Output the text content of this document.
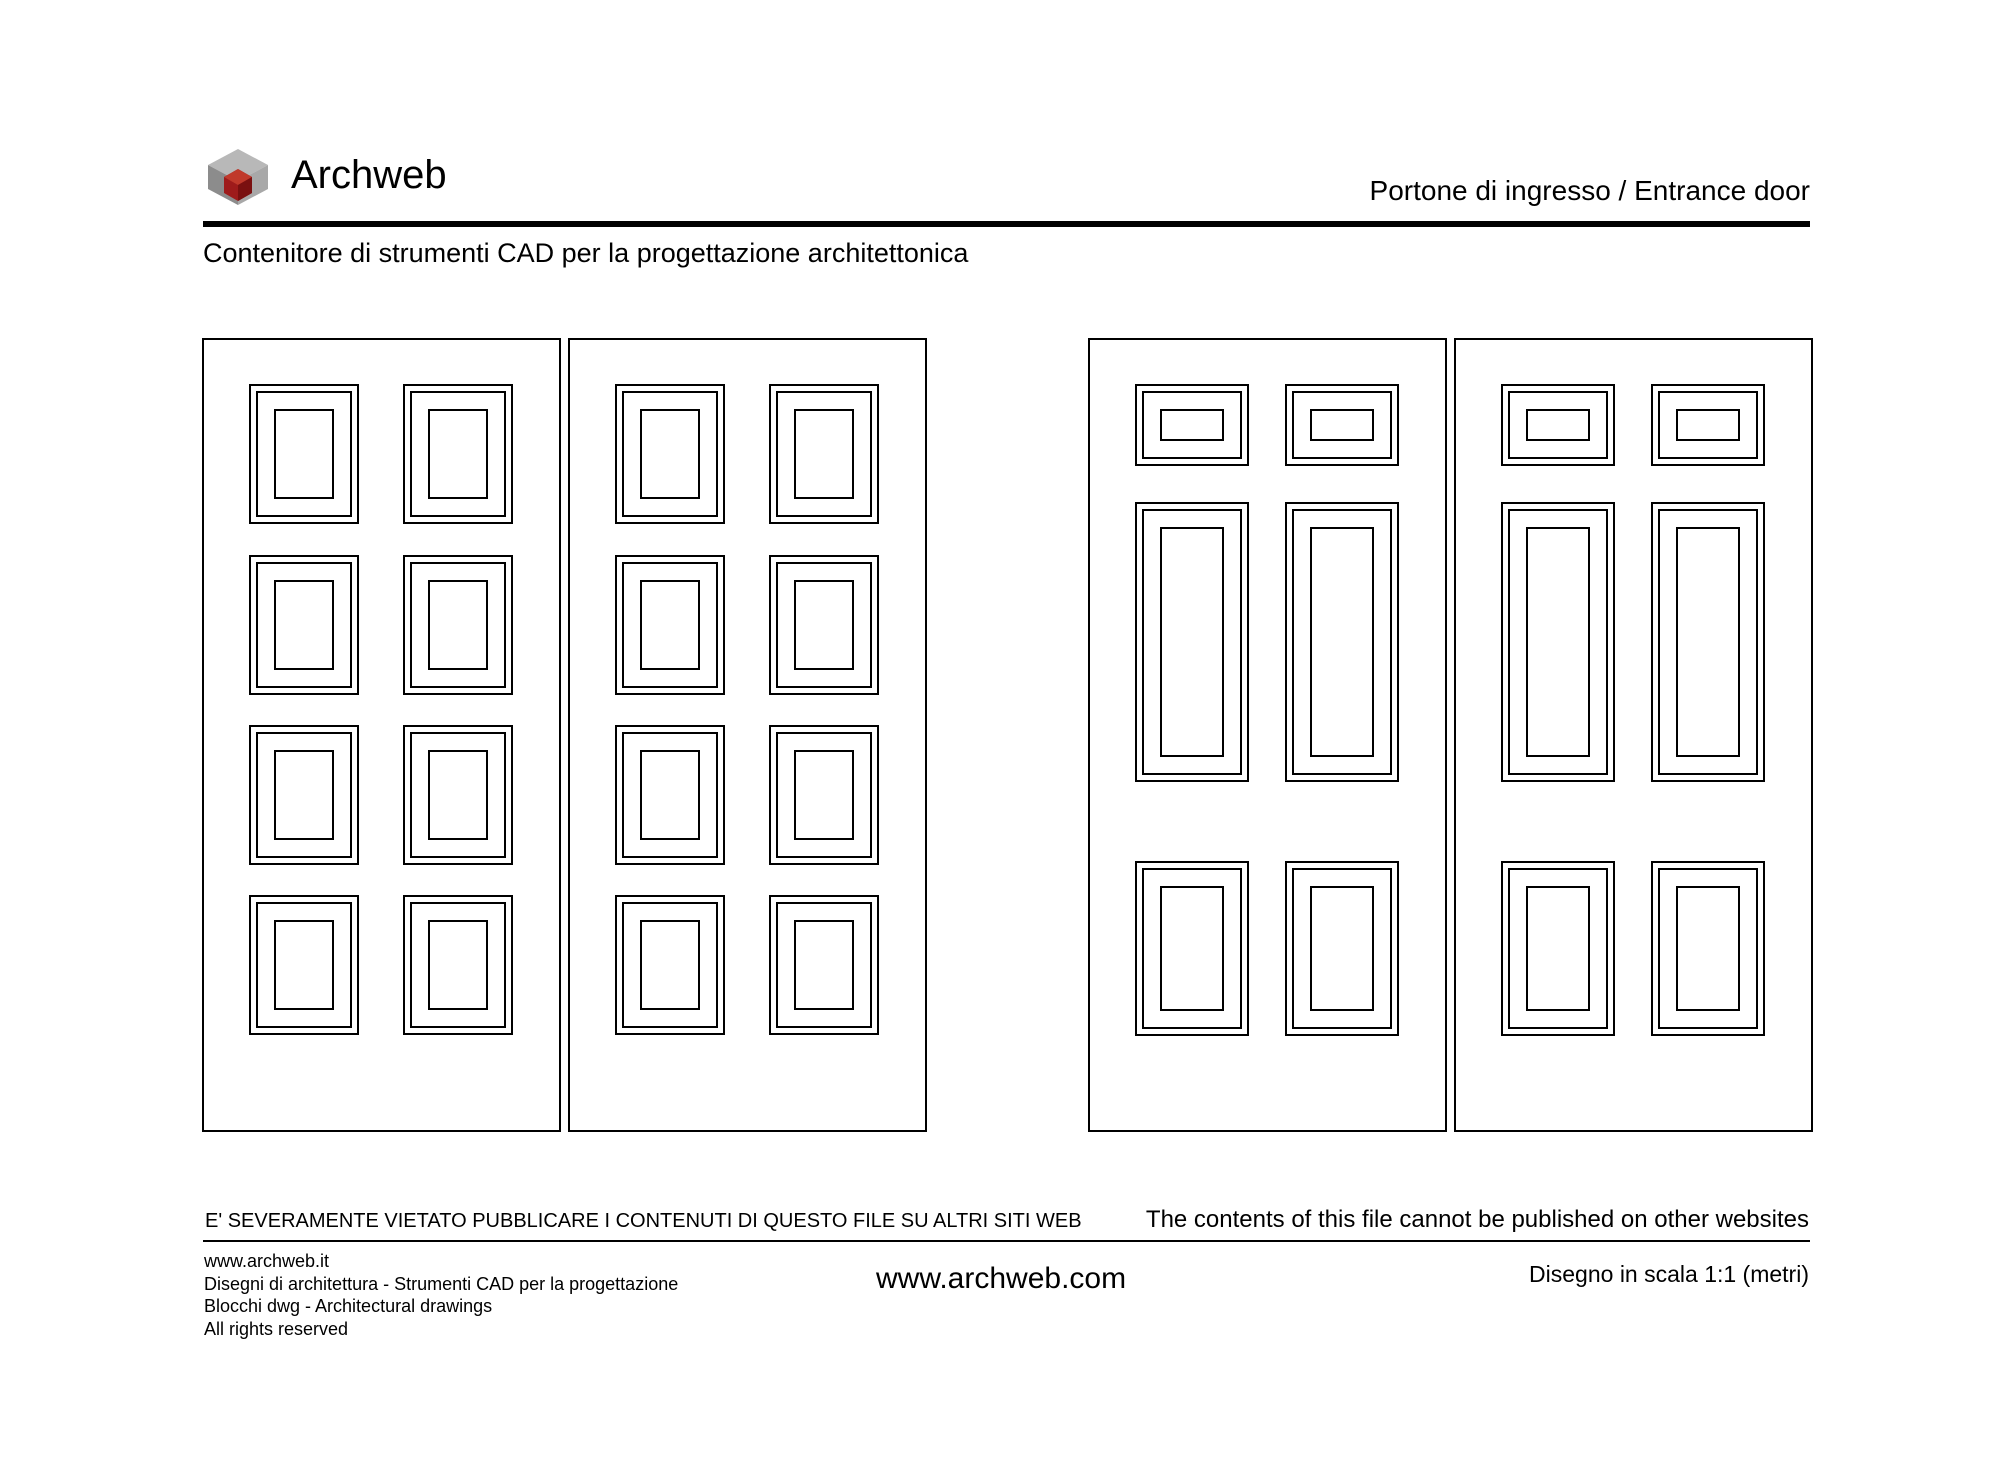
Archweb	Portone di ingresso / Entrance door
Contenitore di strumenti CAD per la progettazione architettonica
E' SEVERAMENTE VIETATO PUBBLICARE I CONTENUTI DI QUESTO FILE SU ALTRI SITI WEB	The contents of this file cannot be published on other websites
www.archweb.it
Disegni di architettura - Strumenti CAD per la progettazione
Blocchi dwg - Architectural drawings
All rights reserved
www.archweb.com	Disegno in scala 1:1 (metri)
